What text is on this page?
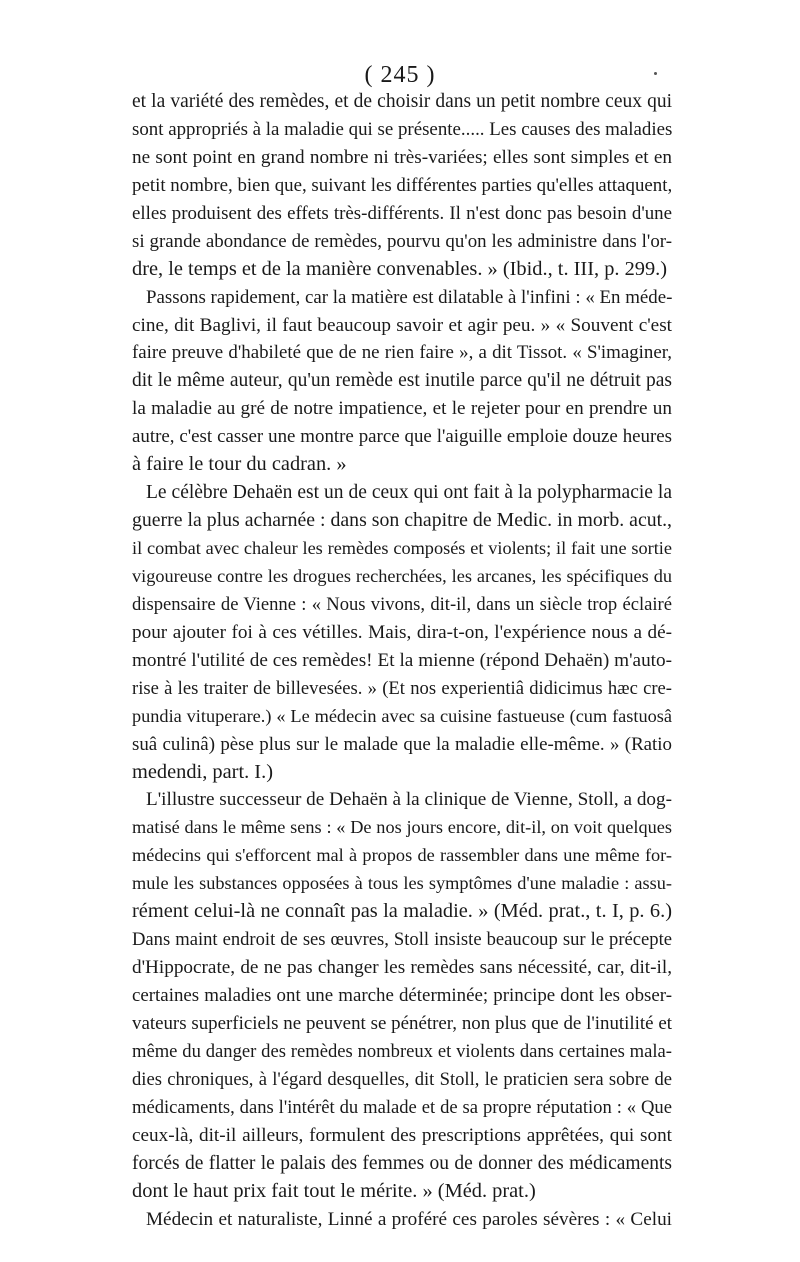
( 245 )
et la variété des remèdes, et de choisir dans un petit nombre ceux qui
sont appropriés à la maladie qui se présente..... Les causes des maladies
ne sont point en grand nombre ni très-variées; elles sont simples et en
petit nombre, bien que, suivant les différentes parties qu'elles attaquent,
elles produisent des effets très-différents. Il n'est donc pas besoin d'une
si grande abondance de remèdes, pourvu qu'on les administre dans l'or-
dre, le temps et de la manière convenables. » (Ibid., t. III, p. 299.)
Passons rapidement, car la matière est dilatable à l'infini : « En méde-
cine, dit Baglivi, il faut beaucoup savoir et agir peu. » « Souvent c'est
faire preuve d'habileté que de ne rien faire », a dit Tissot. « S'imaginer,
dit le même auteur, qu'un remède est inutile parce qu'il ne détruit pas
la maladie au gré de notre impatience, et le rejeter pour en prendre un
autre, c'est casser une montre parce que l'aiguille emploie douze heures
à faire le tour du cadran. »
Le célèbre Dehaën est un de ceux qui ont fait à la polypharmacie la
guerre la plus acharnée : dans son chapitre de Medic. in morb. acut.,
il combat avec chaleur les remèdes composés et violents; il fait une sortie
vigoureuse contre les drogues recherchées, les arcanes, les spécifiques du
dispensaire de Vienne : « Nous vivons, dit-il, dans un siècle trop éclairé
pour ajouter foi à ces vétilles. Mais, dira-t-on, l'expérience nous a dé-
montré l'utilité de ces remèdes! Et la mienne (répond Dehaën) m'auto-
rise à les traiter de billevesées. » (Et nos experientiâ didicimus hæc cre-
pundia vituperare.) « Le médecin avec sa cuisine fastueuse (cum fastuosâ
suâ culinâ) pèse plus sur le malade que la maladie elle-même. » (Ratio
medendi, part. I.)
L'illustre successeur de Dehaën à la clinique de Vienne, Stoll, a dog-
matisé dans le même sens : « De nos jours encore, dit-il, on voit quelques
médecins qui s'efforcent mal à propos de rassembler dans une même for-
mule les substances opposées à tous les symptômes d'une maladie : assu-
rément celui-là ne connaît pas la maladie. » (Méd. prat., t. I, p. 6.)
Dans maint endroit de ses œuvres, Stoll insiste beaucoup sur le précepte
d'Hippocrate, de ne pas changer les remèdes sans nécessité, car, dit-il,
certaines maladies ont une marche déterminée; principe dont les obser-
vateurs superficiels ne peuvent se pénétrer, non plus que de l'inutilité et
même du danger des remèdes nombreux et violents dans certaines mala-
dies chroniques, à l'égard desquelles, dit Stoll, le praticien sera sobre de
médicaments, dans l'intérêt du malade et de sa propre réputation : « Que
ceux-là, dit-il ailleurs, formulent des prescriptions apprêtées, qui sont
forcés de flatter le palais des femmes ou de donner des médicaments
dont le haut prix fait tout le mérite. » (Méd. prat.)
Médecin et naturaliste, Linné a proféré ces paroles sévères : « Celui
